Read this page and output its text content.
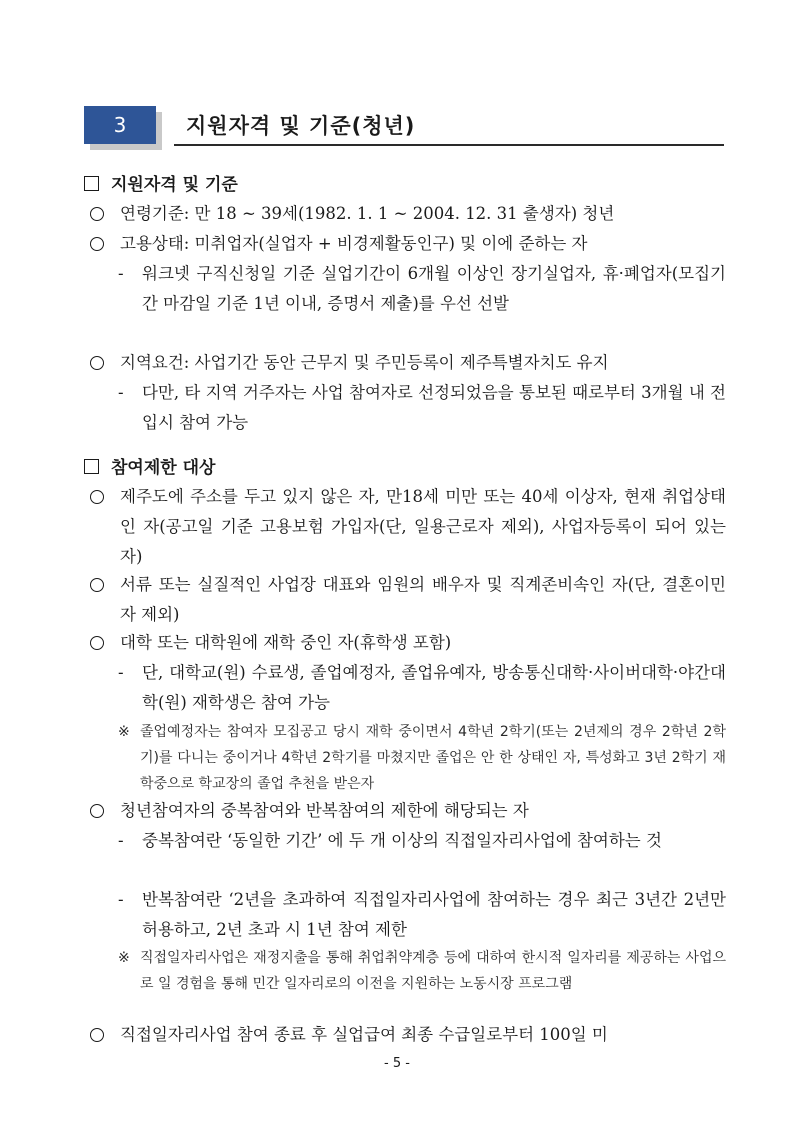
3	지원자격 및 기준(청년)
지원자격 및 기준
연령기준: 만 18 ~ 39세(1982. 1. 1 ~ 2004. 12. 31 출생자) 청년
고용상태: 미취업자(실업자 + 비경제활동인구) 및 이에 준하는 자
- 워크넷 구직신청일 기준 실업기간이 6개월 이상인 장기실업자, 휴·폐업자(모집기간 마감일 기준 1년 이내, 증명서 제출)를 우선 선발
지역요건: 사업기간 동안 근무지 및 주민등록이 제주특별자치도 유지
- 다만, 타 지역 거주자는 사업 참여자로 선정되었음을 통보된 때로부터 3개월 내 전입시 참여 가능
참여제한 대상
제주도에 주소를 두고 있지 않은 자, 만18세 미만 또는 40세 이상자, 현재 취업상태인 자(공고일 기준 고용보험 가입자(단, 일용근로자 제외), 사업자등록이 되어 있는 자)
서류 또는 실질적인 사업장 대표와 임원의 배우자 및 직계존비속인 자(단, 결혼이민자 제외)
대학 또는 대학원에 재학 중인 자(휴학생 포함)
- 단, 대학교(원) 수료생, 졸업예정자, 졸업유예자, 방송통신대학·사이버대학·야간대학(원) 재학생은 참여 가능
※ 졸업예정자는 참여자 모집공고 당시 재학 중이면서 4학년 2학기(또는 2년제의 경우 2학년 2학기)를 다니는 중이거나 4학년 2학기를 마쳤지만 졸업은 안 한 상태인 자, 특성화고 3년 2학기 재학중으로 학교장의 졸업 추천을 받은자
청년참여자의 중복참여와 반복참여의 제한에 해당되는 자
- 중복참여란 ‘동일한 기간’ 에 두 개 이상의 직접일자리사업에 참여하는 것
- 반복참여란 ‘2년을 초과하여 직접일자리사업에 참여하는 경우 최근 3년간 2년만 허용하고, 2년 초과 시 1년 참여 제한
※ 직접일자리사업은 재정지출을 통해 취업취약계층 등에 대하여 한시적 일자리를 제공하는 사업으로 일 경험을 통해 민간 일자리로의 이전을 지원하는 노동시장 프로그램
직접일자리사업 참여 종료 후 실업급여 최종 수급일로부터 100일 미
- 5 -
